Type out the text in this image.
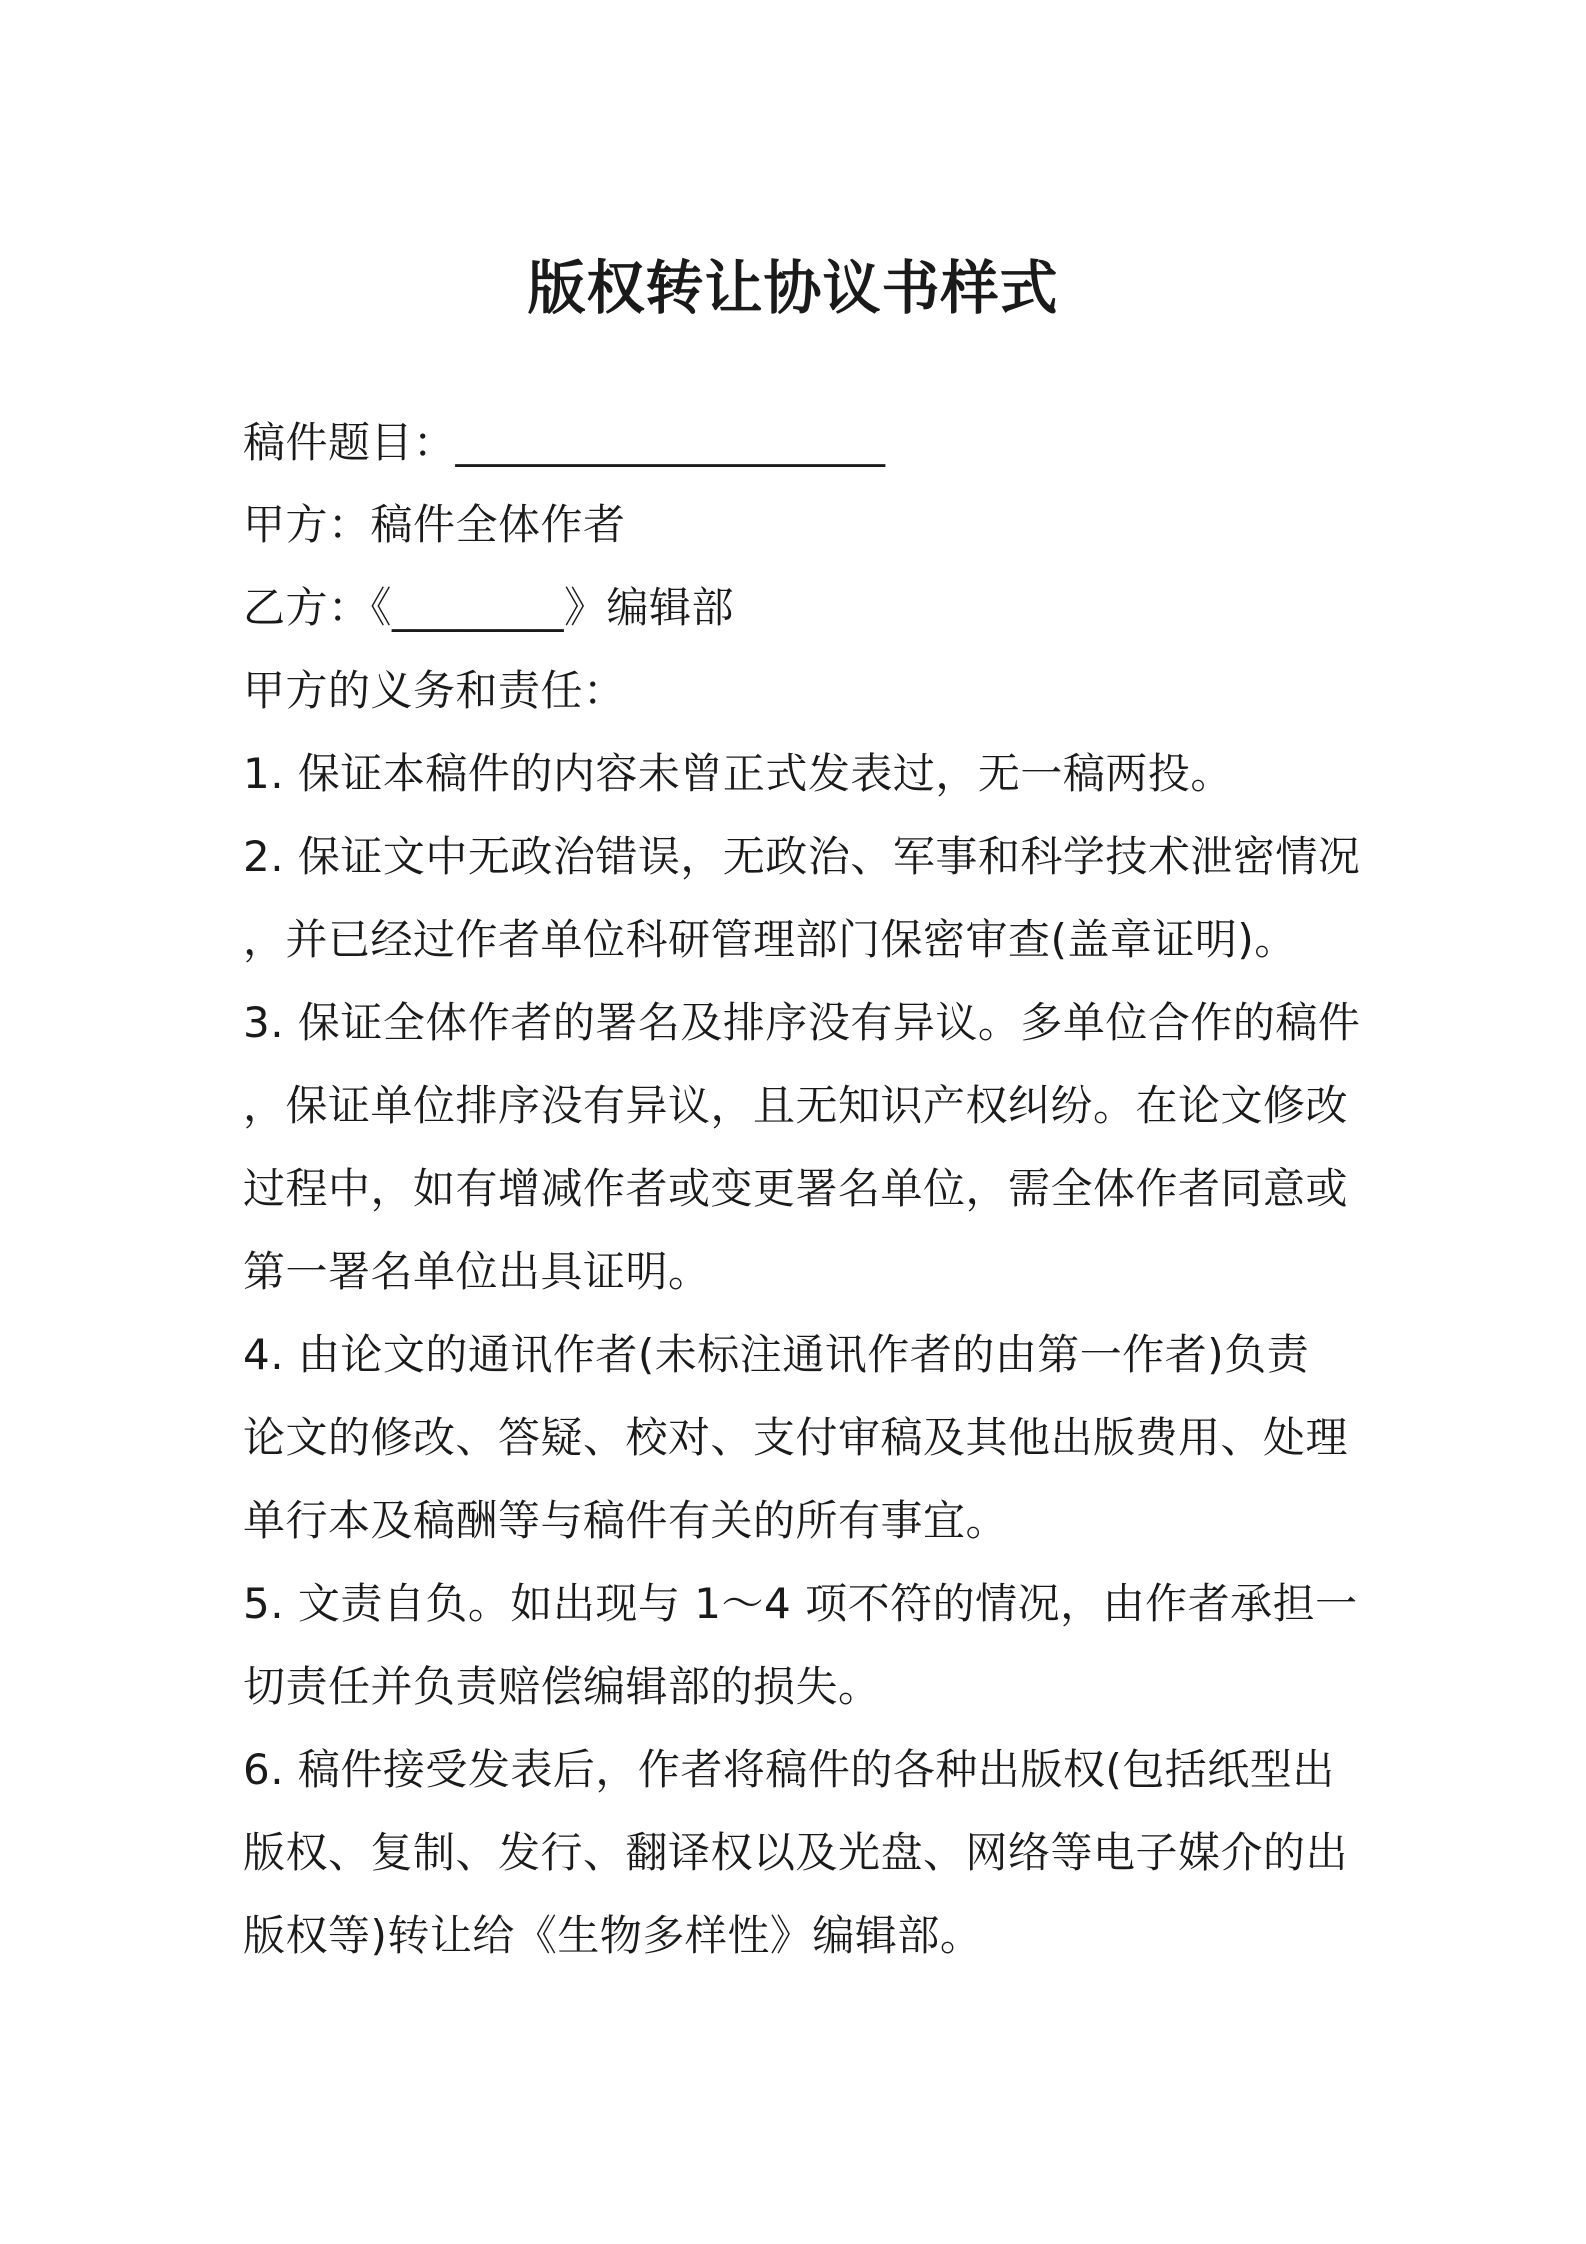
版权转让协议书样式
稿件题目：____________________
甲方：稿件全体作者
乙方：《________》编辑部
甲方的义务和责任：
1. 保证本稿件的内容未曾正式发表过，无一稿两投。
2. 保证文中无政治错误，无政治、军事和科学技术泄密情况
，并已经过作者单位科研管理部门保密审查(盖章证明)。
3. 保证全体作者的署名及排序没有异议。多单位合作的稿件
，保证单位排序没有异议，且无知识产权纠纷。在论文修改
过程中，如有增减作者或变更署名单位，需全体作者同意或
第一署名单位出具证明。
4. 由论文的通讯作者(未标注通讯作者的由第一作者)负责
论文的修改、答疑、校对、支付审稿及其他出版费用、处理
单行本及稿酬等与稿件有关的所有事宜。
5. 文责自负。如出现与 1～4 项不符的情况，由作者承担一
切责任并负责赔偿编辑部的损失。
6. 稿件接受发表后，作者将稿件的各种出版权(包括纸型出
版权、复制、发行、翻译权以及光盘、网络等电子媒介的出
版权等)转让给《生物多样性》编辑部。
